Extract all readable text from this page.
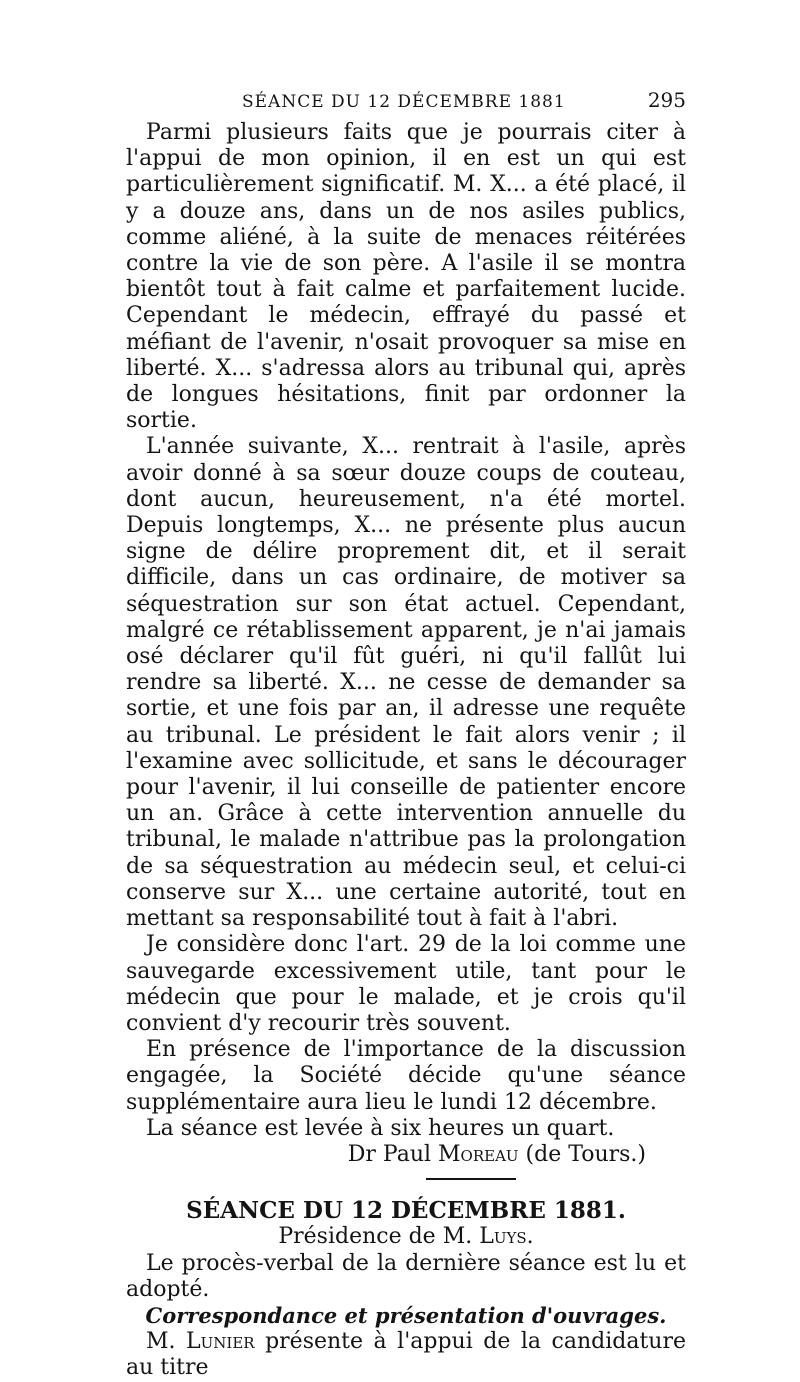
SÉANCE DU 12 DÉCEMBRE 1881	295

Parmi plusieurs faits que je pourrais citer à l'appui de mon opinion, il en est un qui est particulièrement significatif. M. X... a été placé, il y a douze ans, dans un de nos asiles publics, comme aliéné, à la suite de menaces réitérées contre la vie de son père. A l'asile il se montra bientôt tout à fait calme et parfaitement lucide. Cependant le médecin, effrayé du passé et méfiant de l'avenir, n'osait provoquer sa mise en liberté. X... s'adressa alors au tribunal qui, après de longues hésitations, finit par ordonner la sortie.

L'année suivante, X... rentrait à l'asile, après avoir donné à sa sœur douze coups de couteau, dont aucun, heureusement, n'a été mortel. Depuis longtemps, X... ne présente plus aucun signe de délire proprement dit, et il serait difficile, dans un cas ordinaire, de motiver sa séquestration sur son état actuel. Cependant, malgré ce rétablissement apparent, je n'ai jamais osé déclarer qu'il fût guéri, ni qu'il fallût lui rendre sa liberté. X... ne cesse de demander sa sortie, et une fois par an, il adresse une requête au tribunal. Le président le fait alors venir ; il l'examine avec sollicitude, et sans le décourager pour l'avenir, il lui conseille de patienter encore un an. Grâce à cette intervention annuelle du tribunal, le malade n'attribue pas la prolongation de sa séquestration au médecin seul, et celui-ci conserve sur X... une certaine autorité, tout en mettant sa responsabilité tout à fait à l'abri.

Je considère donc l'art. 29 de la loi comme une sauvegarde excessivement utile, tant pour le médecin que pour le malade, et je crois qu'il convient d'y recourir très souvent.

En présence de l'importance de la discussion engagée, la Société décide qu'une séance supplémentaire aura lieu le lundi 12 décembre.

La séance est levée à six heures un quart.

Dr Paul Moreau (de Tours.)

SÉANCE DU 12 DÉCEMBRE 1881.

Présidence de M. Luys.

Le procès-verbal de la dernière séance est lu et adopté.

Correspondance et présentation d'ouvrages.

M. Lunier présente à l'appui de la candidature au titre
